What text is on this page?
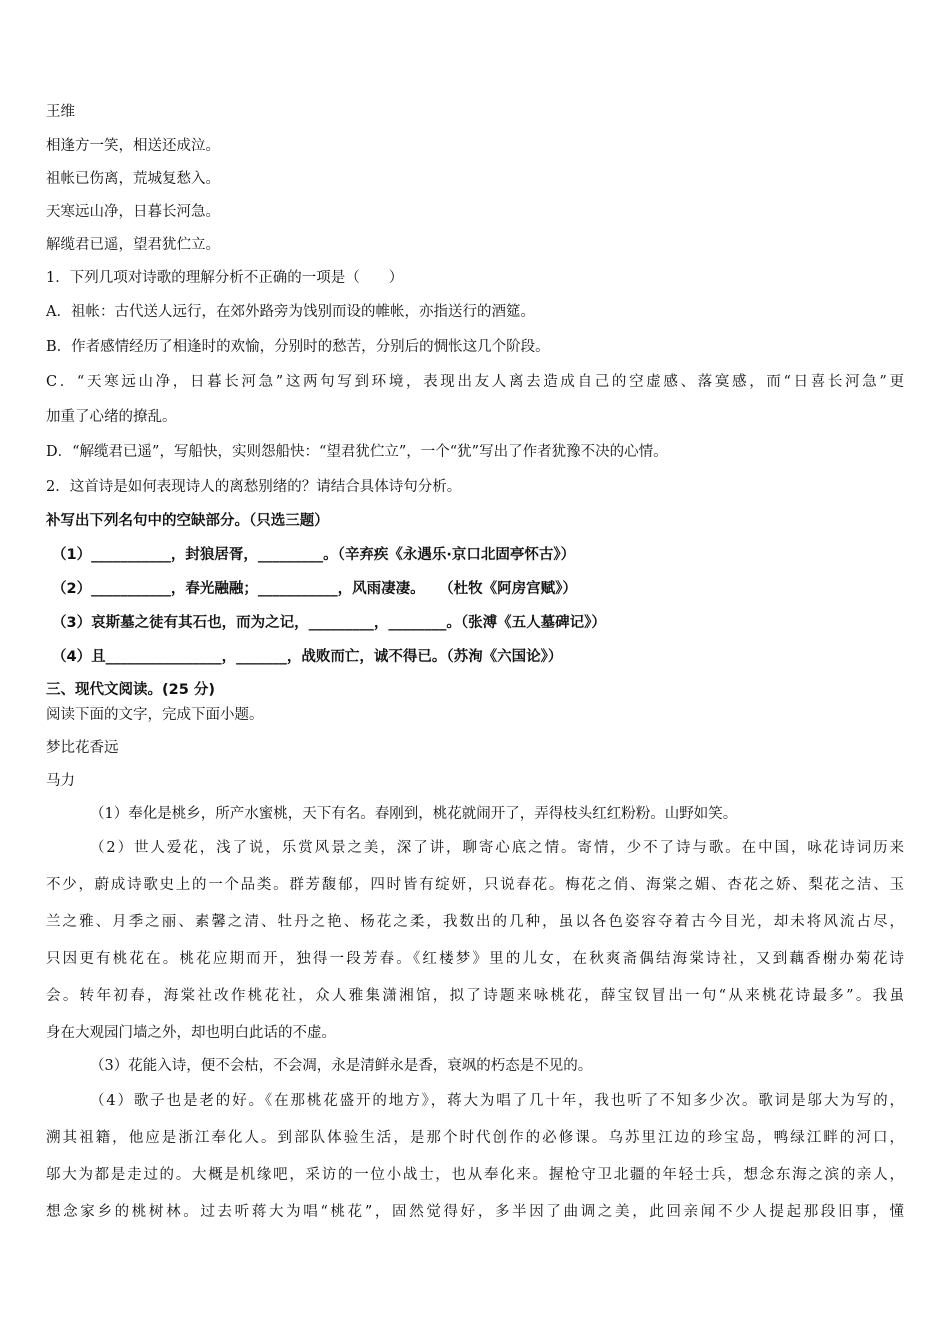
王维
相逢方一笑，相送还成泣。
祖帐已伤离，荒城复愁入。
天寒远山净，日暮长河急。
解缆君已遥，望君犹伫立。
1．下列几项对诗歌的理解分析不正确的一项是（　　）
A．祖帐：古代送人远行，在郊外路旁为饯别而设的帷帐，亦指送行的酒筵。
B．作者感情经历了相逢时的欢愉，分别时的愁苦，分别后的惆怅这几个阶段。
C．“天寒远山净，日暮长河急”这两句写到环境，表现出友人离去造成自己的空虚感、落寞感，而“日喜长河急”更
加重了心绪的撩乱。
D．“解缆君已遥”，写船快，实则怨船快：“望君犹伫立”，一个“犹”写出了作者犹豫不决的心情。
2．这首诗是如何表现诗人的离愁别绪的？请结合具体诗句分析。
补写出下列名句中的空缺部分。（只选三题）
（1）___________，封狼居胥，_________。（辛弃疾《永遇乐·京口北固亭怀古》）
（2）___________，春光融融；___________，风雨凄凄。　　（杜牧《阿房宫赋》）
（3）哀斯墓之徒有其石也，而为之记，_________，________。（张溥《五人墓碑记》）
（4）且________________，_______，战败而亡，诚不得已。（苏洵《六国论》）
三、现代文阅读。(25 分)
阅读下面的文字，完成下面小题。
梦比花香远
马力
（1）奉化是桃乡，所产水蜜桃，天下有名。春刚到，桃花就闹开了，弄得枝头红红粉粉。山野如笑。
（2）世人爱花，浅了说，乐赏风景之美，深了讲，聊寄心底之情。寄情，少不了诗与歌。在中国，咏花诗词历来
不少，蔚成诗歌史上的一个品类。群芳馥郁，四时皆有绽妍，只说春花。梅花之俏、海棠之媚、杏花之娇、梨花之洁、玉
兰之雅、月季之丽、素馨之清、牡丹之艳、杨花之柔，我数出的几种，虽以各色姿容夺着古今目光，却未将风流占尽，
只因更有桃花在。桃花应期而开，独得一段芳春。《红楼梦》里的儿女，在秋爽斋偶结海棠诗社，又到藕香榭办菊花诗
会。转年初春，海棠社改作桃花社，众人雅集潇湘馆，拟了诗题来咏桃花，薛宝钗冒出一句“从来桃花诗最多”。我虽
身在大观园门墙之外，却也明白此话的不虚。
（3）花能入诗，便不会枯，不会凋，永是清鲜永是香，衰飒的朽态是不见的。
（4）歌子也是老的好。《在那桃花盛开的地方》，蒋大为唱了几十年，我也听了不知多少次。歌词是邬大为写的，
溯其祖籍，他应是浙江奉化人。到部队体验生活，是那个时代创作的必修课。乌苏里江边的珍宝岛，鸭绿江畔的河口，
邬大为都是走过的。大概是机缘吧，采访的一位小战士，也从奉化来。握枪守卫北疆的年轻士兵，想念东海之滨的亲人，
想念家乡的桃树林。过去听蒋大为唱“桃花”，固然觉得好，多半因了曲调之美，此回亲闻不少人提起那段旧事，懂
